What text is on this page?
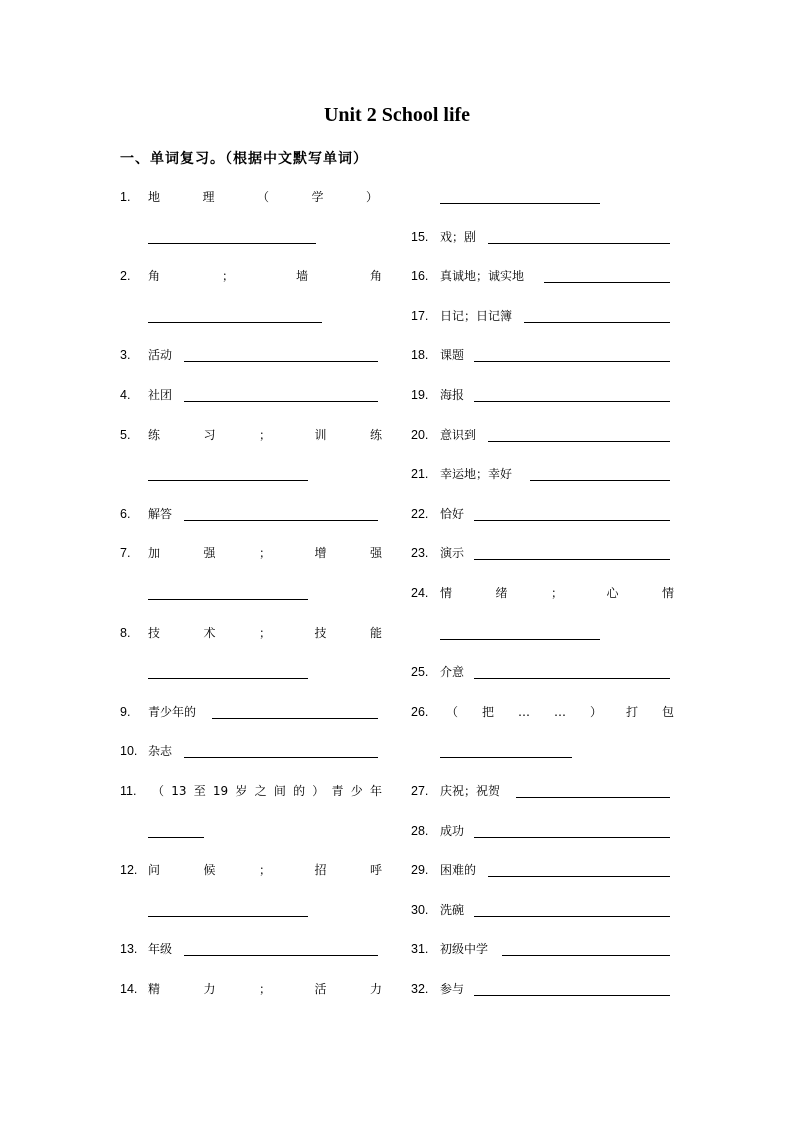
Unit 2 School life
一、单词复习。（根据中文默写单词）
1. 地	理	（	学	）
2. 角	；	墙	角
3. 活动
4. 社团
5. 练	习	；	训	练
6. 解答
7. 加	强	；	增	强
8. 技	术	；	技	能
9. 青少年的
10. 杂志
11. （ 13 至 19 岁 之 间 的 ） 青 少 年
12. 问	候	；	招	呼
13. 年级
14. 精	力	；	活	力
15. 戏；剧
16. 真诚地；诚实地
17. 日记；日记簿
18. 课题
19. 海报
20. 意识到
21. 幸运地；幸好
22. 恰好
23. 演示
24. 情	绪	；	心	情
25. 介意
26. （ 把 … … ） 打 包
27. 庆祝；祝贺
28. 成功
29. 困难的
30. 洗碗
31. 初级中学
32. 参与
